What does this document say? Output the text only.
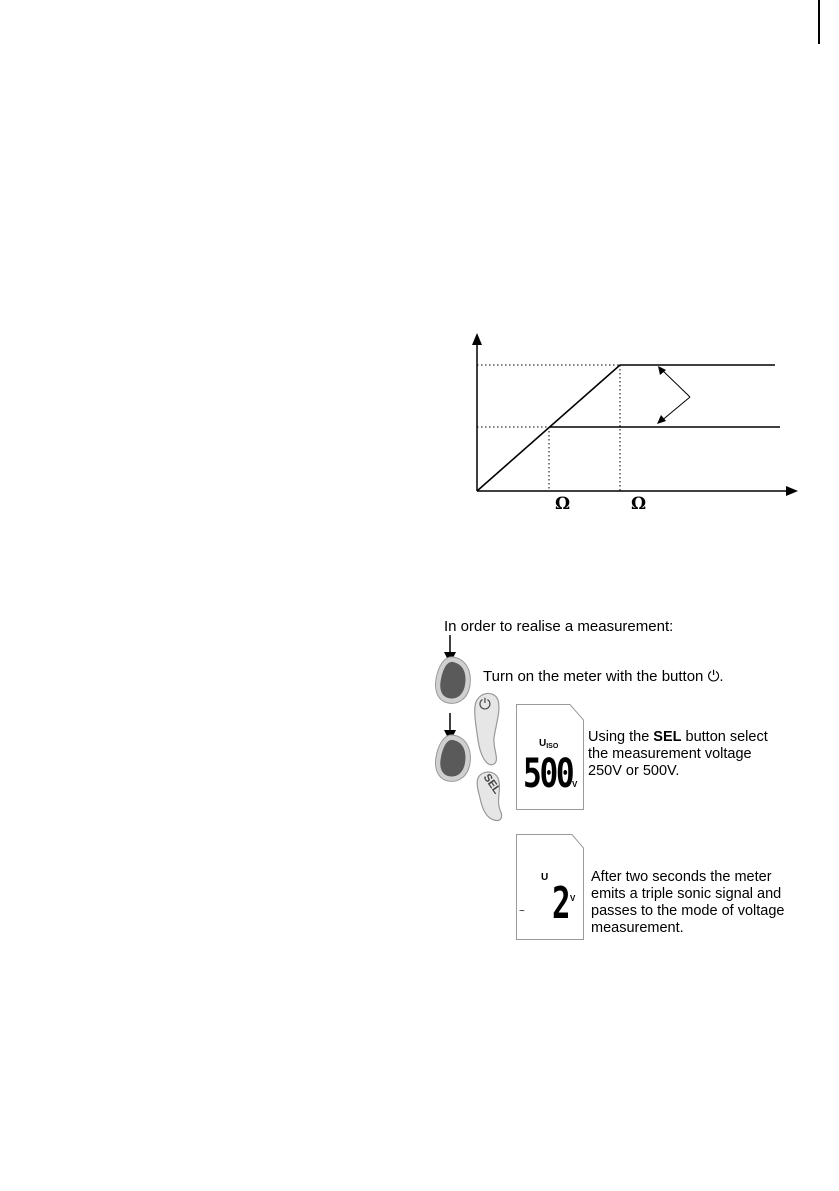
Ω	Ω
In order to realise a measurement:
Turn on the meter with the button ⏻.
Using the SEL button select the measurement voltage 250V or 500V.
After two seconds the meter emits a triple sonic signal and passes to the mode of voltage measurement.
⏻
SEL
$U_{ISO}$
500 V
U
~ 2 V
